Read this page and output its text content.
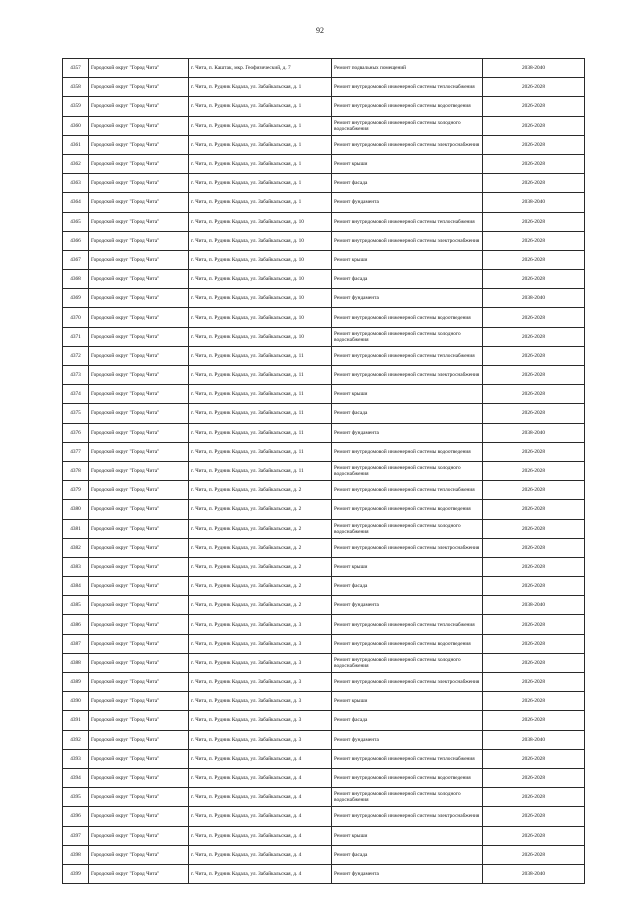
92
4357	Городской округ "Город Чита"	г. Чита, п. Каштак, мкр. Геофизический, д. 7	Ремонт подвальных помещений	2038-2040
4358	Городской округ "Город Чита"	г. Чита, п. Рудник Кадала, ул. Забайкальская, д. 1	Ремонт внутридомовой инженерной системы теплоснабжения	2026-2028
4359	Городской округ "Город Чита"	г. Чита, п. Рудник Кадала, ул. Забайкальская, д. 1	Ремонт внутридомовой инженерной системы водоотведения	2026-2028
4360	Городской округ "Город Чита"	г. Чита, п. Рудник Кадала, ул. Забайкальская, д. 1	Ремонт внутридомовой инженерной системы холодного водоснабжения	2026-2028
4361	Городской округ "Город Чита"	г. Чита, п. Рудник Кадала, ул. Забайкальская, д. 1	Ремонт внутридомовой инженерной системы электроснабжения	2026-2028
4362	Городской округ "Город Чита"	г. Чита, п. Рудник Кадала, ул. Забайкальская, д. 1	Ремонт крыши	2026-2028
4363	Городской округ "Город Чита"	г. Чита, п. Рудник Кадала, ул. Забайкальская, д. 1	Ремонт фасада	2026-2028
4364	Городской округ "Город Чита"	г. Чита, п. Рудник Кадала, ул. Забайкальская, д. 1	Ремонт фундамента	2038-2040
4365	Городской округ "Город Чита"	г. Чита, п. Рудник Кадала, ул. Забайкальская, д. 10	Ремонт внутридомовой инженерной системы теплоснабжения	2026-2028
4366	Городской округ "Город Чита"	г. Чита, п. Рудник Кадала, ул. Забайкальская, д. 10	Ремонт внутридомовой инженерной системы электроснабжения	2026-2028
4367	Городской округ "Город Чита"	г. Чита, п. Рудник Кадала, ул. Забайкальская, д. 10	Ремонт крыши	2026-2028
4368	Городской округ "Город Чита"	г. Чита, п. Рудник Кадала, ул. Забайкальская, д. 10	Ремонт фасада	2026-2028
4369	Городской округ "Город Чита"	г. Чита, п. Рудник Кадала, ул. Забайкальская, д. 10	Ремонт фундамента	2038-2040
4370	Городской округ "Город Чита"	г. Чита, п. Рудник Кадала, ул. Забайкальская, д. 10	Ремонт внутридомовой инженерной системы водоотведения	2026-2028
4371	Городской округ "Город Чита"	г. Чита, п. Рудник Кадала, ул. Забайкальская, д. 10	Ремонт внутридомовой инженерной системы холодного водоснабжения	2026-2028
4372	Городской округ "Город Чита"	г. Чита, п. Рудник Кадала, ул. Забайкальская, д. 11	Ремонт внутридомовой инженерной системы теплоснабжения	2026-2028
4373	Городской округ "Город Чита"	г. Чита, п. Рудник Кадала, ул. Забайкальская, д. 11	Ремонт внутридомовой инженерной системы электроснабжения	2026-2028
4374	Городской округ "Город Чита"	г. Чита, п. Рудник Кадала, ул. Забайкальская, д. 11	Ремонт крыши	2026-2028
4375	Городской округ "Город Чита"	г. Чита, п. Рудник Кадала, ул. Забайкальская, д. 11	Ремонт фасада	2026-2028
4376	Городской округ "Город Чита"	г. Чита, п. Рудник Кадала, ул. Забайкальская, д. 11	Ремонт фундамента	2038-2040
4377	Городской округ "Город Чита"	г. Чита, п. Рудник Кадала, ул. Забайкальская, д. 11	Ремонт внутридомовой инженерной системы водоотведения	2026-2028
4378	Городской округ "Город Чита"	г. Чита, п. Рудник Кадала, ул. Забайкальская, д. 11	Ремонт внутридомовой инженерной системы холодного водоснабжения	2026-2028
4379	Городской округ "Город Чита"	г. Чита, п. Рудник Кадала, ул. Забайкальская, д. 2	Ремонт внутридомовой инженерной системы теплоснабжения	2026-2028
4380	Городской округ "Город Чита"	г. Чита, п. Рудник Кадала, ул. Забайкальская, д. 2	Ремонт внутридомовой инженерной системы водоотведения	2026-2028
4381	Городской округ "Город Чита"	г. Чита, п. Рудник Кадала, ул. Забайкальская, д. 2	Ремонт внутридомовой инженерной системы холодного водоснабжения	2026-2028
4382	Городской округ "Город Чита"	г. Чита, п. Рудник Кадала, ул. Забайкальская, д. 2	Ремонт внутридомовой инженерной системы электроснабжения	2026-2028
4383	Городской округ "Город Чита"	г. Чита, п. Рудник Кадала, ул. Забайкальская, д. 2	Ремонт крыши	2026-2028
4384	Городской округ "Город Чита"	г. Чита, п. Рудник Кадала, ул. Забайкальская, д. 2	Ремонт фасада	2026-2028
4385	Городской округ "Город Чита"	г. Чита, п. Рудник Кадала, ул. Забайкальская, д. 2	Ремонт фундамента	2038-2040
4386	Городской округ "Город Чита"	г. Чита, п. Рудник Кадала, ул. Забайкальская, д. 3	Ремонт внутридомовой инженерной системы теплоснабжения	2026-2028
4387	Городской округ "Город Чита"	г. Чита, п. Рудник Кадала, ул. Забайкальская, д. 3	Ремонт внутридомовой инженерной системы водоотведения	2026-2028
4388	Городской округ "Город Чита"	г. Чита, п. Рудник Кадала, ул. Забайкальская, д. 3	Ремонт внутридомовой инженерной системы холодного водоснабжения	2026-2028
4389	Городской округ "Город Чита"	г. Чита, п. Рудник Кадала, ул. Забайкальская, д. 3	Ремонт внутридомовой инженерной системы электроснабжения	2026-2028
4390	Городской округ "Город Чита"	г. Чита, п. Рудник Кадала, ул. Забайкальская, д. 3	Ремонт крыши	2026-2028
4391	Городской округ "Город Чита"	г. Чита, п. Рудник Кадала, ул. Забайкальская, д. 3	Ремонт фасада	2026-2028
4392	Городской округ "Город Чита"	г. Чита, п. Рудник Кадала, ул. Забайкальская, д. 3	Ремонт фундамента	2038-2040
4393	Городской округ "Город Чита"	г. Чита, п. Рудник Кадала, ул. Забайкальская, д. 4	Ремонт внутридомовой инженерной системы теплоснабжения	2026-2028
4394	Городской округ "Город Чита"	г. Чита, п. Рудник Кадала, ул. Забайкальская, д. 4	Ремонт внутридомовой инженерной системы водоотведения	2026-2028
4395	Городской округ "Город Чита"	г. Чита, п. Рудник Кадала, ул. Забайкальская, д. 4	Ремонт внутридомовой инженерной системы холодного водоснабжения	2026-2028
4396	Городской округ "Город Чита"	г. Чита, п. Рудник Кадала, ул. Забайкальская, д. 4	Ремонт внутридомовой инженерной системы электроснабжения	2026-2028
4397	Городской округ "Город Чита"	г. Чита, п. Рудник Кадала, ул. Забайкальская, д. 4	Ремонт крыши	2026-2028
4398	Городской округ "Город Чита"	г. Чита, п. Рудник Кадала, ул. Забайкальская, д. 4	Ремонт фасада	2026-2028
4399	Городской округ "Город Чита"	г. Чита, п. Рудник Кадала, ул. Забайкальская, д. 4	Ремонт фундамента	2038-2040
